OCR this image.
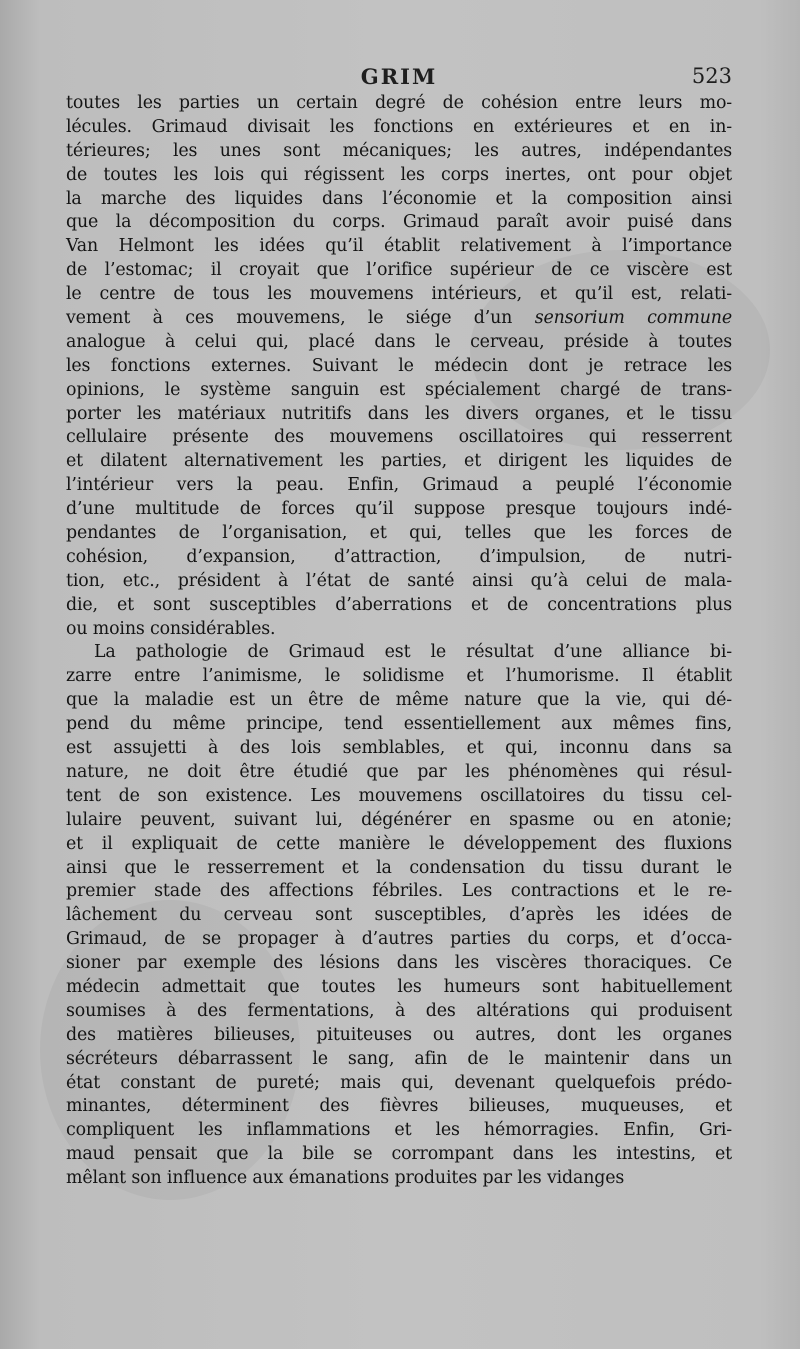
GRIM	523
toutes les parties un certain degré de cohésion entre leurs mo-
lécules. Grimaud divisait les fonctions en extérieures et en in-
térieures; les unes sont mécaniques; les autres, indépendantes
de toutes les lois qui régissent les corps inertes, ont pour objet
la marche des liquides dans l’économie et la composition ainsi
que la décomposition du corps. Grimaud paraît avoir puisé dans
Van Helmont les idées qu’il établit relativement à l’importance
de l’estomac; il croyait que l’orifice supérieur de ce viscère est
le centre de tous les mouvemens intérieurs, et qu’il est, relati-
vement à ces mouvemens, le siége d’un sensorium commune
analogue à celui qui, placé dans le cerveau, préside à toutes
les fonctions externes. Suivant le médecin dont je retrace les
opinions, le système sanguin est spécialement chargé de trans-
porter les matériaux nutritifs dans les divers organes, et le tissu
cellulaire présente des mouvemens oscillatoires qui resserrent
et dilatent alternativement les parties, et dirigent les liquides de
l’intérieur vers la peau. Enfin, Grimaud a peuplé l’économie
d’une multitude de forces qu’il suppose presque toujours indé-
pendantes de l’organisation, et qui, telles que les forces de
cohésion, d’expansion, d’attraction, d’impulsion, de nutri-
tion, etc., président à l’état de santé ainsi qu’à celui de mala-
die, et sont susceptibles d’aberrations et de concentrations plus
ou moins considérables.
La pathologie de Grimaud est le résultat d’une alliance bi-
zarre entre l’animisme, le solidisme et l’humorisme. Il établit
que la maladie est un être de même nature que la vie, qui dé-
pend du même principe, tend essentiellement aux mêmes fins,
est assujetti à des lois semblables, et qui, inconnu dans sa
nature, ne doit être étudié que par les phénomènes qui résul-
tent de son existence. Les mouvemens oscillatoires du tissu cel-
lulaire peuvent, suivant lui, dégénérer en spasme ou en atonie;
et il expliquait de cette manière le développement des fluxions
ainsi que le resserrement et la condensation du tissu durant le
premier stade des affections fébriles. Les contractions et le re-
lâchement du cerveau sont susceptibles, d’après les idées de
Grimaud, de se propager à d’autres parties du corps, et d’occa-
sioner par exemple des lésions dans les viscères thoraciques. Ce
médecin admettait que toutes les humeurs sont habituellement
soumises à des fermentations, à des altérations qui produisent
des matières bilieuses, pituiteuses ou autres, dont les organes
sécréteurs débarrassent le sang, afin de le maintenir dans un
état constant de pureté; mais qui, devenant quelquefois prédo-
minantes, déterminent des fièvres bilieuses, muqueuses, et
compliquent les inflammations et les hémorragies. Enfin, Gri-
maud pensait que la bile se corrompant dans les intestins, et
mêlant son influence aux émanations produites par les vidanges
